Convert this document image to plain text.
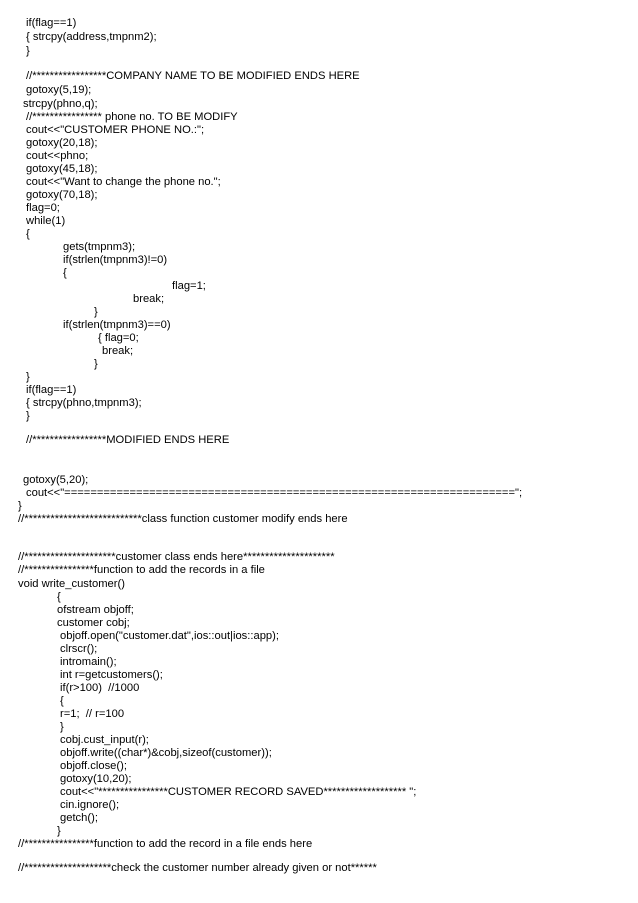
if(flag==1)
{ strcpy(address,tmpnm2);
}
//*****************COMPANY NAME TO BE MODIFIED ENDS HERE
gotoxy(5,19);
strcpy(phno,q);
//**************** phone no. TO BE MODIFY
cout<<"CUSTOMER PHONE NO.:";
gotoxy(20,18);
cout<<phno;
gotoxy(45,18);
cout<<"Want to change the phone no.";
gotoxy(70,18);
flag=0;
while(1)
{
gets(tmpnm3);
if(strlen(tmpnm3)!=0)
{
flag=1;
break;
}
if(strlen(tmpnm3)==0)
{ flag=0;
break;
}
}
if(flag==1)
{ strcpy(phno,tmpnm3);
}
//*****************MODIFIED ENDS HERE
gotoxy(5,20);
cout<<"=====================================================================";
}
//***************************class function customer modify ends here
//*********************customer class ends here*********************
//****************function to add the records in a file
void write_customer()
{
ofstream objoff;
customer cobj;
objoff.open("customer.dat",ios::out|ios::app);
clrscr();
intromain();
int r=getcustomers();
if(r>100)  //1000
{
r=1;  // r=100
}
cobj.cust_input(r);
objoff.write((char*)&cobj,sizeof(customer));
objoff.close();
gotoxy(10,20);
cout<<"****************CUSTOMER RECORD SAVED******************* ";
cin.ignore();
getch();
}
//****************function to add the record in a file ends here
//********************check the customer number already given or not******
